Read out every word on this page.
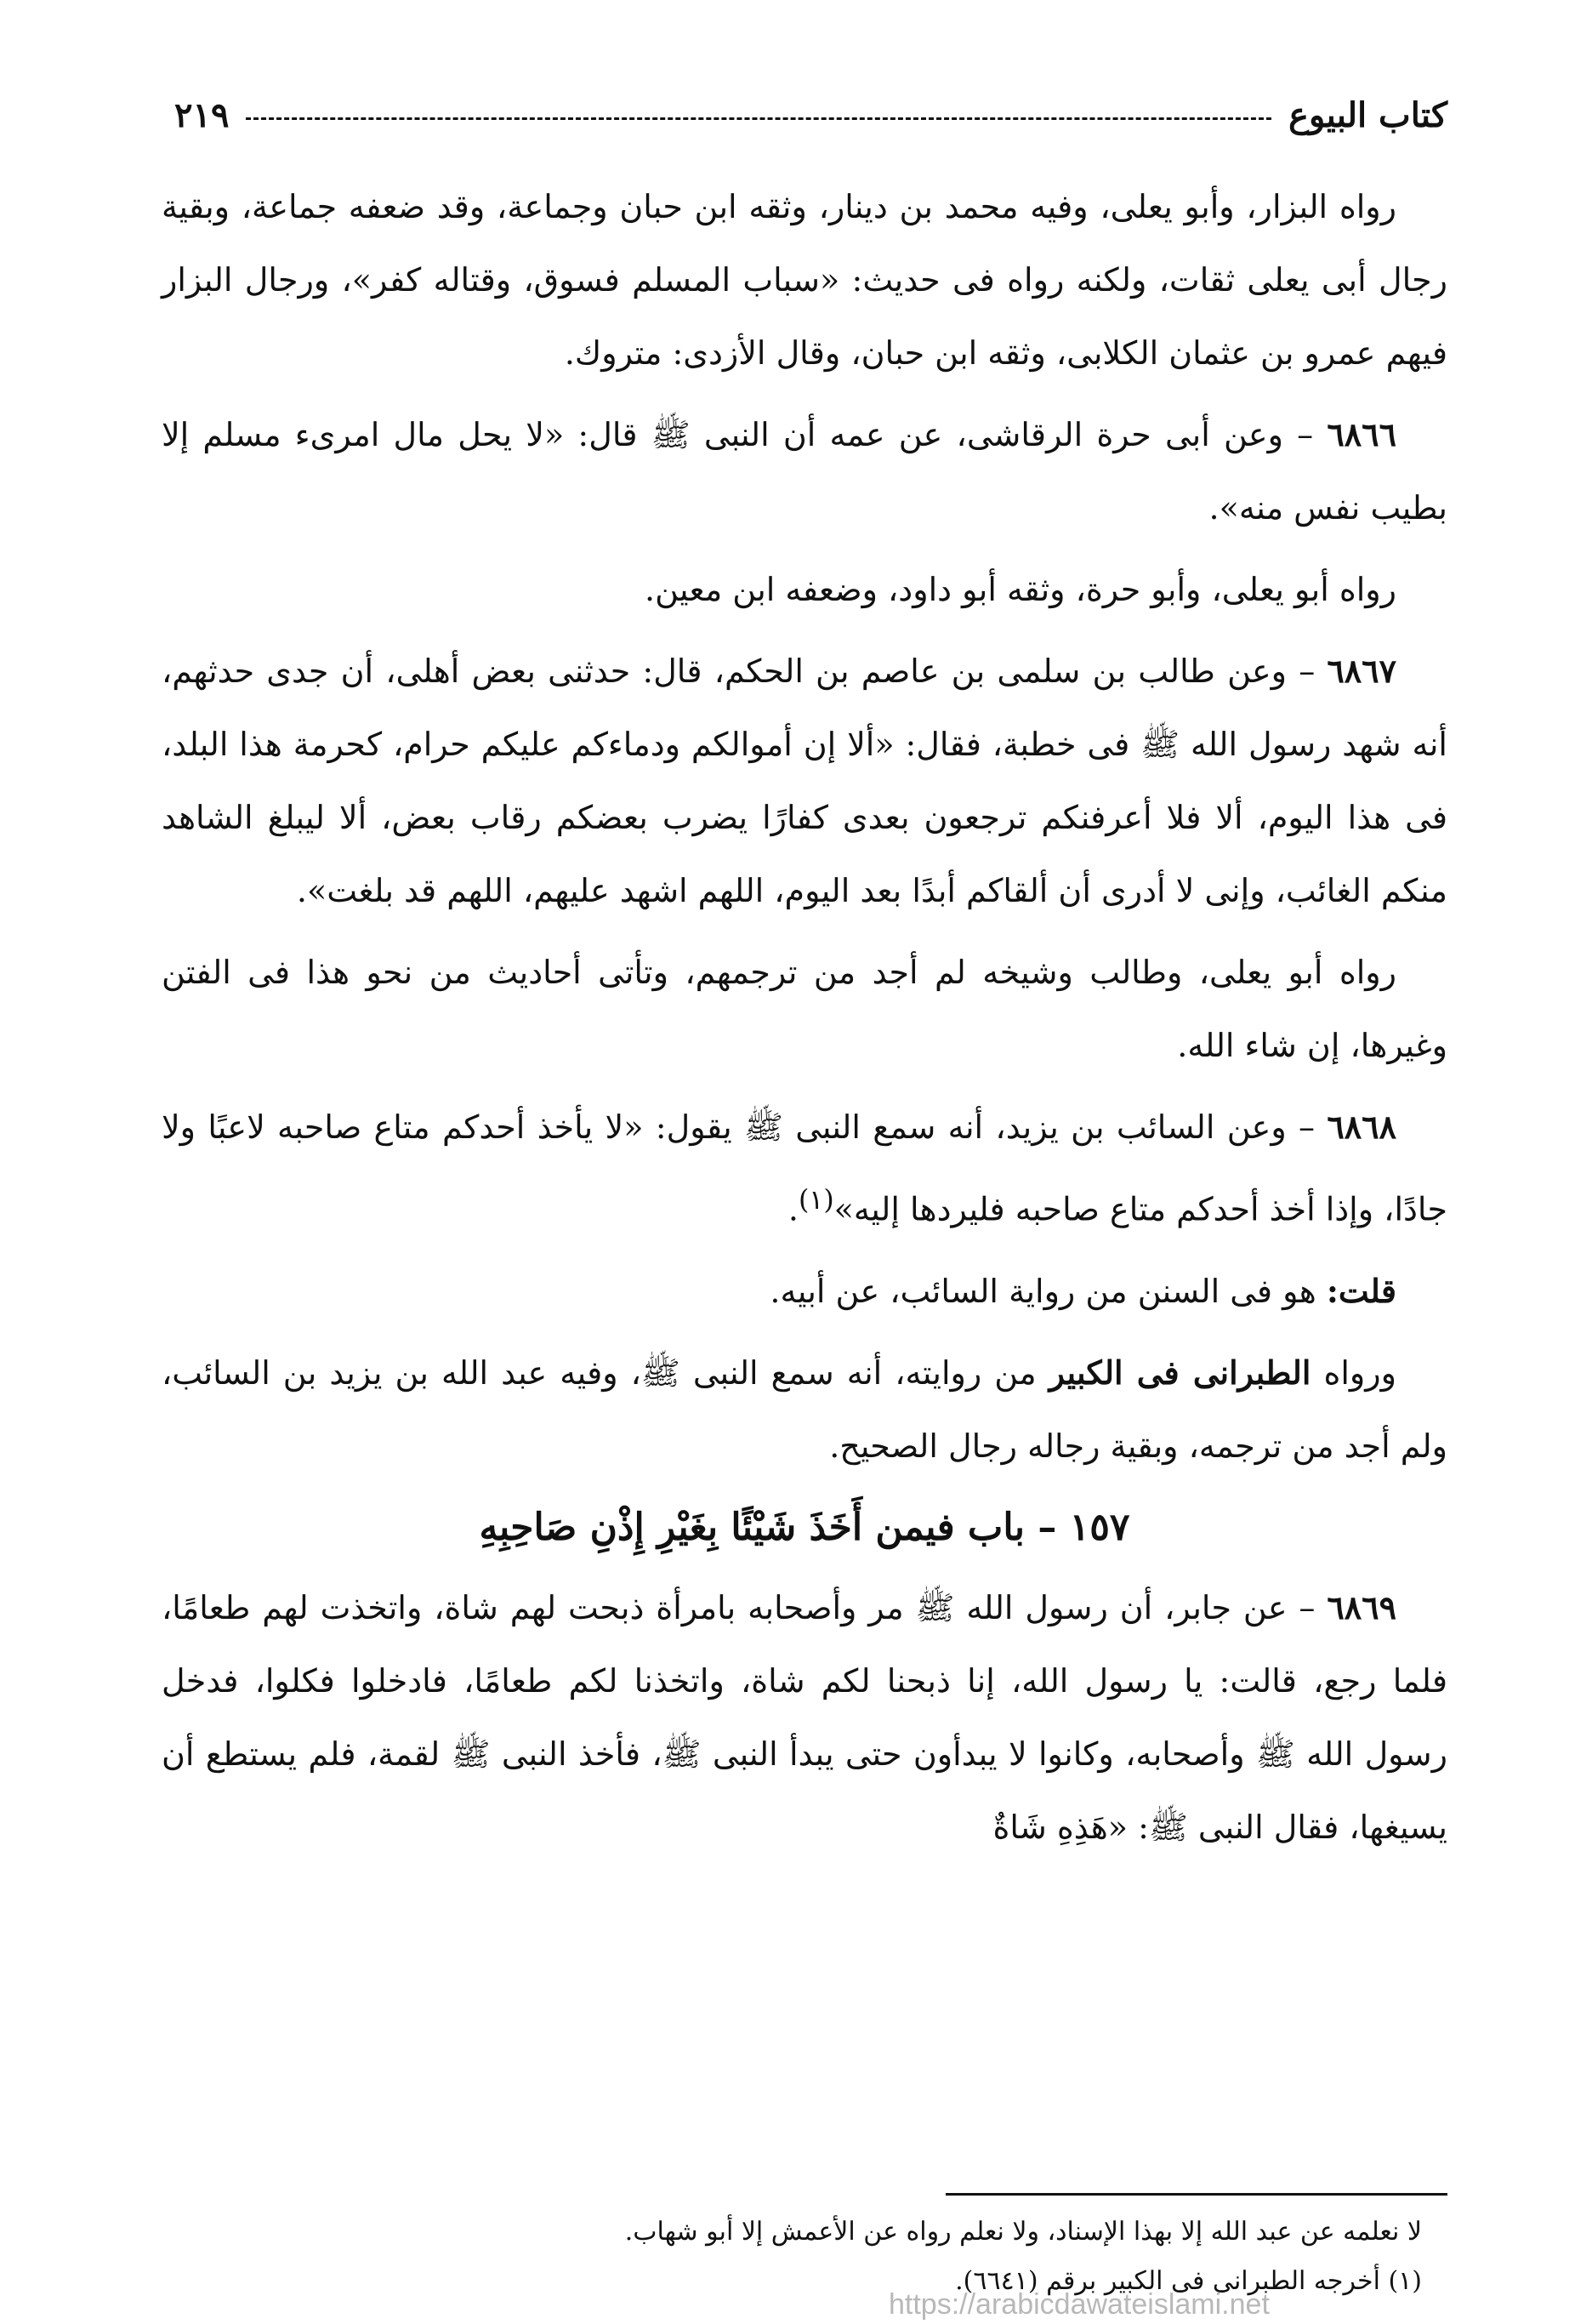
كتاب البيوع
٢١٩

رواه البزار، وأبو يعلى، وفيه محمد بن دينار، وثقه ابن حبان وجماعة، وقد ضعفه جماعة، وبقية رجال أبى يعلى ثقات، ولكنه رواه فى حديث: «سباب المسلم فسوق، وقتاله كفر»، ورجال البزار فيهم عمرو بن عثمان الكلابى، وثقه ابن حبان، وقال الأزدى: متروك.

٦٨٦٦ – وعن أبى حرة الرقاشى، عن عمه أن النبى ﷺ قال: «لا يحل مال امرىء مسلم إلا بطيب نفس منه».

رواه أبو يعلى، وأبو حرة، وثقه أبو داود، وضعفه ابن معين.

٦٨٦٧ – وعن طالب بن سلمى بن عاصم بن الحكم، قال: حدثنى بعض أهلى، أن جدى حدثهم، أنه شهد رسول الله ﷺ فى خطبة، فقال: «ألا إن أموالكم ودماءكم عليكم حرام، كحرمة هذا البلد، فى هذا اليوم، ألا فلا أعرفنكم ترجعون بعدى كفارًا يضرب بعضكم رقاب بعض، ألا ليبلغ الشاهد منكم الغائب، وإنى لا أدرى أن ألقاكم أبدًا بعد اليوم، اللهم اشهد عليهم، اللهم قد بلغت».

رواه أبو يعلى، وطالب وشيخه لم أجد من ترجمهم، وتأتى أحاديث من نحو هذا فى الفتن وغيرها، إن شاء الله.

٦٨٦٨ – وعن السائب بن يزيد، أنه سمع النبى ﷺ يقول: «لا يأخذ أحدكم متاع صاحبه لاعبًا ولا جادًا، وإذا أخذ أحدكم متاع صاحبه فليردها إليه»$^{(١)}$.

قلت: هو فى السنن من رواية السائب، عن أبيه.

ورواه الطبرانى فى الكبير من روايته، أنه سمع النبى ﷺ، وفيه عبد الله بن يزيد بن السائب، ولم أجد من ترجمه، وبقية رجاله رجال الصحيح.

١٥٧ – باب فيمن أَخَذَ شَيْئًا بِغَيْرِ إِذْنِ صَاحِبِهِ

٦٨٦٩ – عن جابر، أن رسول الله ﷺ مر وأصحابه بامرأة ذبحت لهم شاة، واتخذت لهم طعامًا، فلما رجع، قالت: يا رسول الله، إنا ذبحنا لكم شاة، واتخذنا لكم طعامًا، فادخلوا فكلوا، فدخل رسول الله ﷺ وأصحابه، وكانوا لا يبدأون حتى يبدأ النبى ﷺ، فأخذ النبى ﷺ لقمة، فلم يستطع أن يسيغها، فقال النبى ﷺ: «هَذِهِ شَاةٌ

لا نعلمه عن عبد الله إلا بهذا الإسناد، ولا نعلم رواه عن الأعمش إلا أبو شهاب.
(١) أخرجه الطبرانى فى الكبير برقم (٦٦٤١).
https://arabicdawateislami.net
